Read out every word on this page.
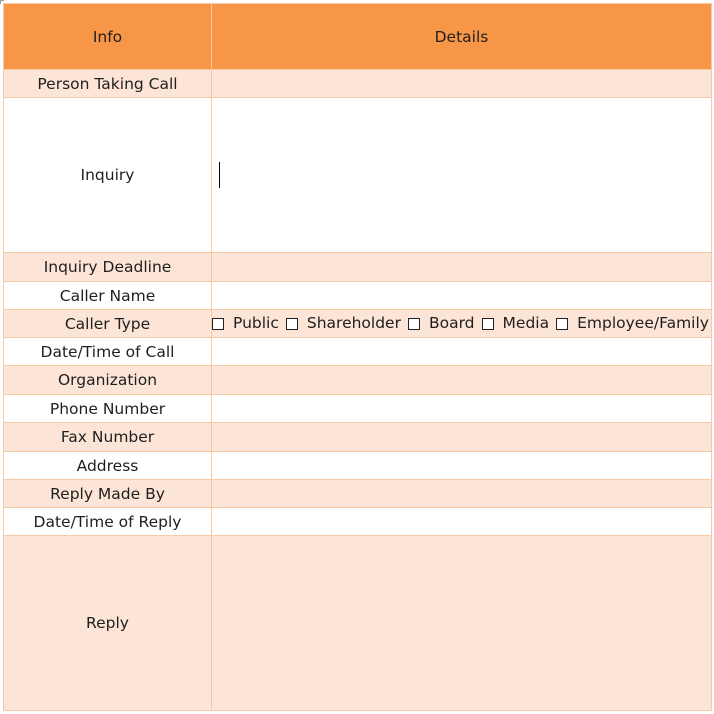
Info	Details
Person Taking Call	
Inquiry	
Inquiry Deadline	
Caller Name	
Caller Type	Public Shareholder Board Media Employee/Family

Date/Time of Call	
Organization	
Phone Number	
Fax Number	
Address	
Reply Made By	
Date/Time of Reply	
Reply	
